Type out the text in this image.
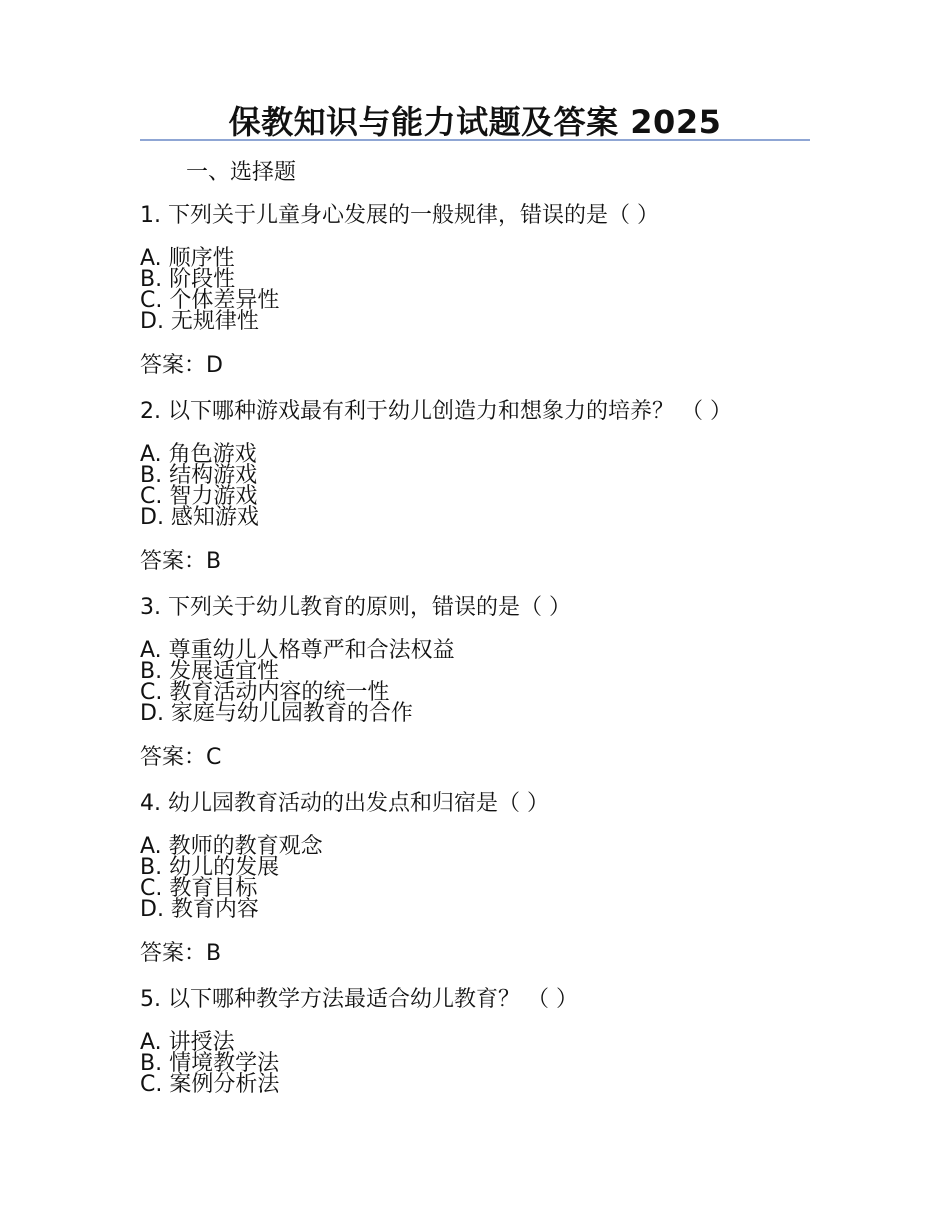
保教知识与能力试题及答案 2025
一、选择题

1. 下列关于儿童身心发展的一般规律，错误的是（ ）

A. 顺序性
B. 阶段性
C. 个体差异性
D. 无规律性

答案：D

2. 以下哪种游戏最有利于幼儿创造力和想象力的培养？ （ ）

A. 角色游戏
B. 结构游戏
C. 智力游戏
D. 感知游戏

答案：B

3. 下列关于幼儿教育的原则，错误的是（ ）

A. 尊重幼儿人格尊严和合法权益
B. 发展适宜性
C. 教育活动内容的统一性
D. 家庭与幼儿园教育的合作

答案：C

4. 幼儿园教育活动的出发点和归宿是（ ）

A. 教师的教育观念
B. 幼儿的发展
C. 教育目标
D. 教育内容

答案：B

5. 以下哪种教学方法最适合幼儿教育？ （ ）

A. 讲授法
B. 情境教学法
C. 案例分析法
